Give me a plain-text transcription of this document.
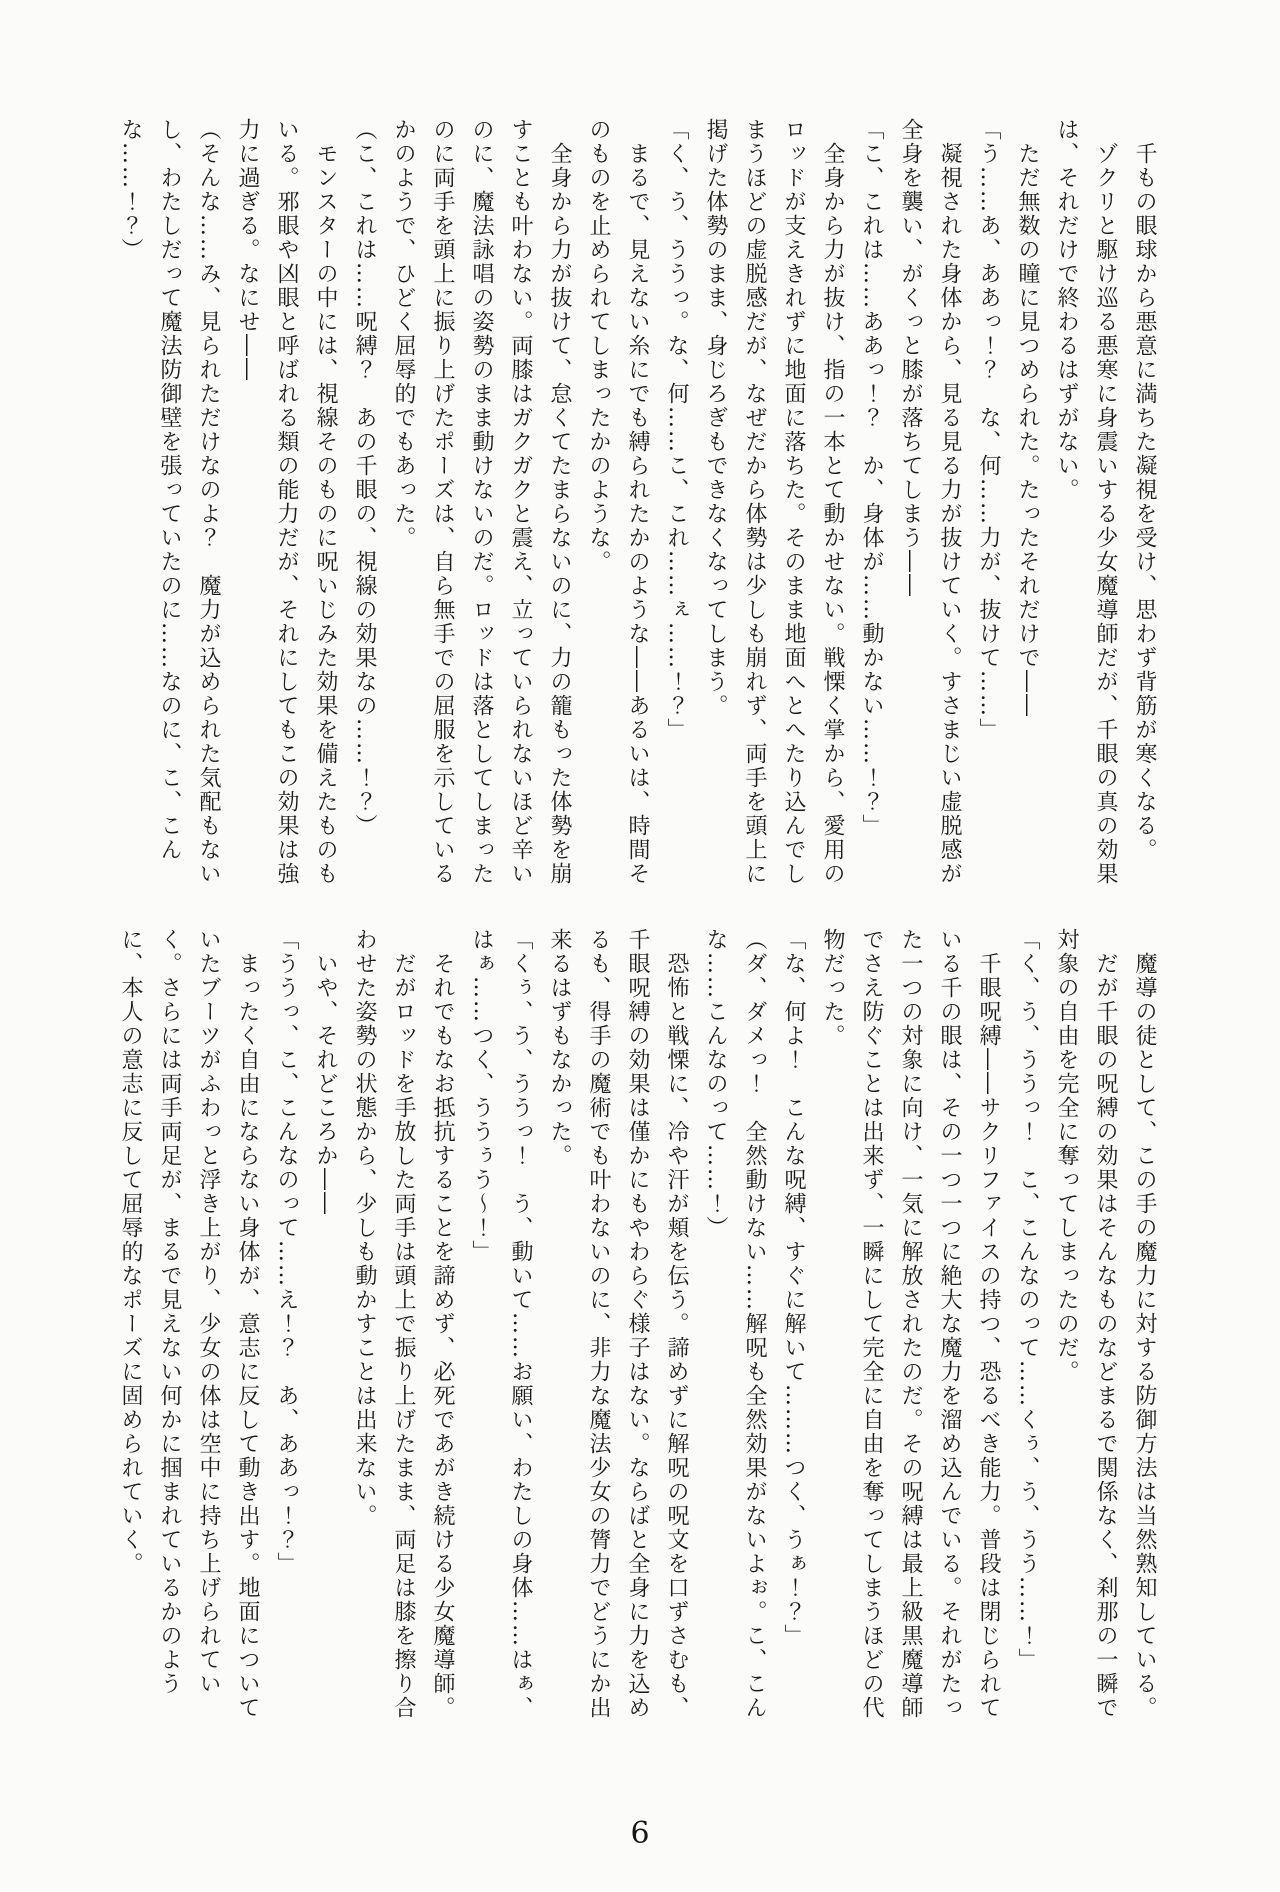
　千もの眼球から悪意に満ちた凝視を受け、思わず背筋が寒くなる。

　ゾクリと駆け巡る悪寒に身震いする少女魔導師だが、千眼の真の効果は、それだけで終わるはずがない。

　ただ無数の瞳に見つめられた。たったそれだけで――

「う……あ、ああっ！？　な、何……力が、抜けて……」

　凝視された身体から、見る見る力が抜けていく。すさまじい虚脱感が全身を襲い、がくっと膝が落ちてしまう――

「こ、これは……ああっ！？　か、身体が……動かない……！？」

　全身から力が抜け、指の一本とて動かせない。戦慄く掌から、愛用のロッドが支えきれずに地面に落ちた。そのまま地面へとへたり込んでしまうほどの虚脱感だが、なぜだから体勢は少しも崩れず、両手を頭上に掲げた体勢のまま、身じろぎもできなくなってしまう。

「く、う、ううっ。な、何……こ、これ……ぇ……！？」

　まるで、見えない糸にでも縛られたかのような――あるいは、時間そのものを止められてしまったかのような。

　全身から力が抜けて、怠くてたまらないのに、力の籠もった体勢を崩すことも叶わない。両膝はガクガクと震え、立っていられないほど辛いのに、魔法詠唱の姿勢のまま動けないのだ。ロッドは落としてしまったのに両手を頭上に振り上げたポーズは、自ら無手での屈服を示しているかのようで、ひどく屈辱的でもあった。

（こ、これは……呪縛？　あの千眼の、視線の効果なの……！？）

　モンスターの中には、視線そのものに呪いじみた効果を備えたものもいる。邪眼や凶眼と呼ばれる類の能力だが、それにしてもこの効果は強力に過ぎる。なにせ――

（そんな……み、見られただけなのよ？　魔力が込められた気配もないし、わたしだって魔法防御壁を張っていたのに……なのに、こ、こんな……！？）

　魔導の徒として、この手の魔力に対する防御方法は当然熟知している。

　だが千眼の呪縛の効果はそんなものなどまるで関係なく、刹那の一瞬で対象の自由を完全に奪ってしまったのだ。

「く、う、ううっ！　こ、こんなのって……くぅ、う、うう……！」

　千眼呪縛――サクリファイスの持つ、恐るべき能力。普段は閉じられている千の眼は、その一つ一つに絶大な魔力を溜め込んでいる。それがたった一つの対象に向け、一気に解放されたのだ。その呪縛は最上級黒魔導師でさえ防ぐことは出来ず、一瞬にして完全に自由を奪ってしまうほどの代物だった。

「な、何よ！　こんな呪縛、すぐに解いて………つく、うぁ！？」

（ダ、ダメっ！　全然動けない……解呪も全然効果がないよぉ。こ、こんな……こんなのって……！）

　恐怖と戦慄に、冷や汗が頬を伝う。諦めずに解呪の呪文を口ずさむも、千眼呪縛の効果は僅かにもやわらぐ様子はない。ならばと全身に力を込めるも、得手の魔術でも叶わないのに、非力な魔法少女の膂力でどうにか出来るはずもなかった。

「くぅ、う、ううっ！　う、動いて……お願い、わたしの身体……はぁ、はぁ……つく、ううぅう〜！」

　それでもなお抵抗することを諦めず、必死であがき続ける少女魔導師。

　だがロッドを手放した両手は頭上で振り上げたまま、両足は膝を擦り合わせた姿勢の状態から、少しも動かすことは出来ない。

　いや、それどころか――

「ううっ、こ、こんなのって……え！？　あ、ああっ！？」

　まったく自由にならない身体が、意志に反して動き出す。地面についていたブーツがふわっと浮き上がり、少女の体は空中に持ち上げられていく。さらには両手両足が、まるで見えない何かに掴まれているかのように、本人の意志に反して屈辱的なポーズに固められていく。

6
